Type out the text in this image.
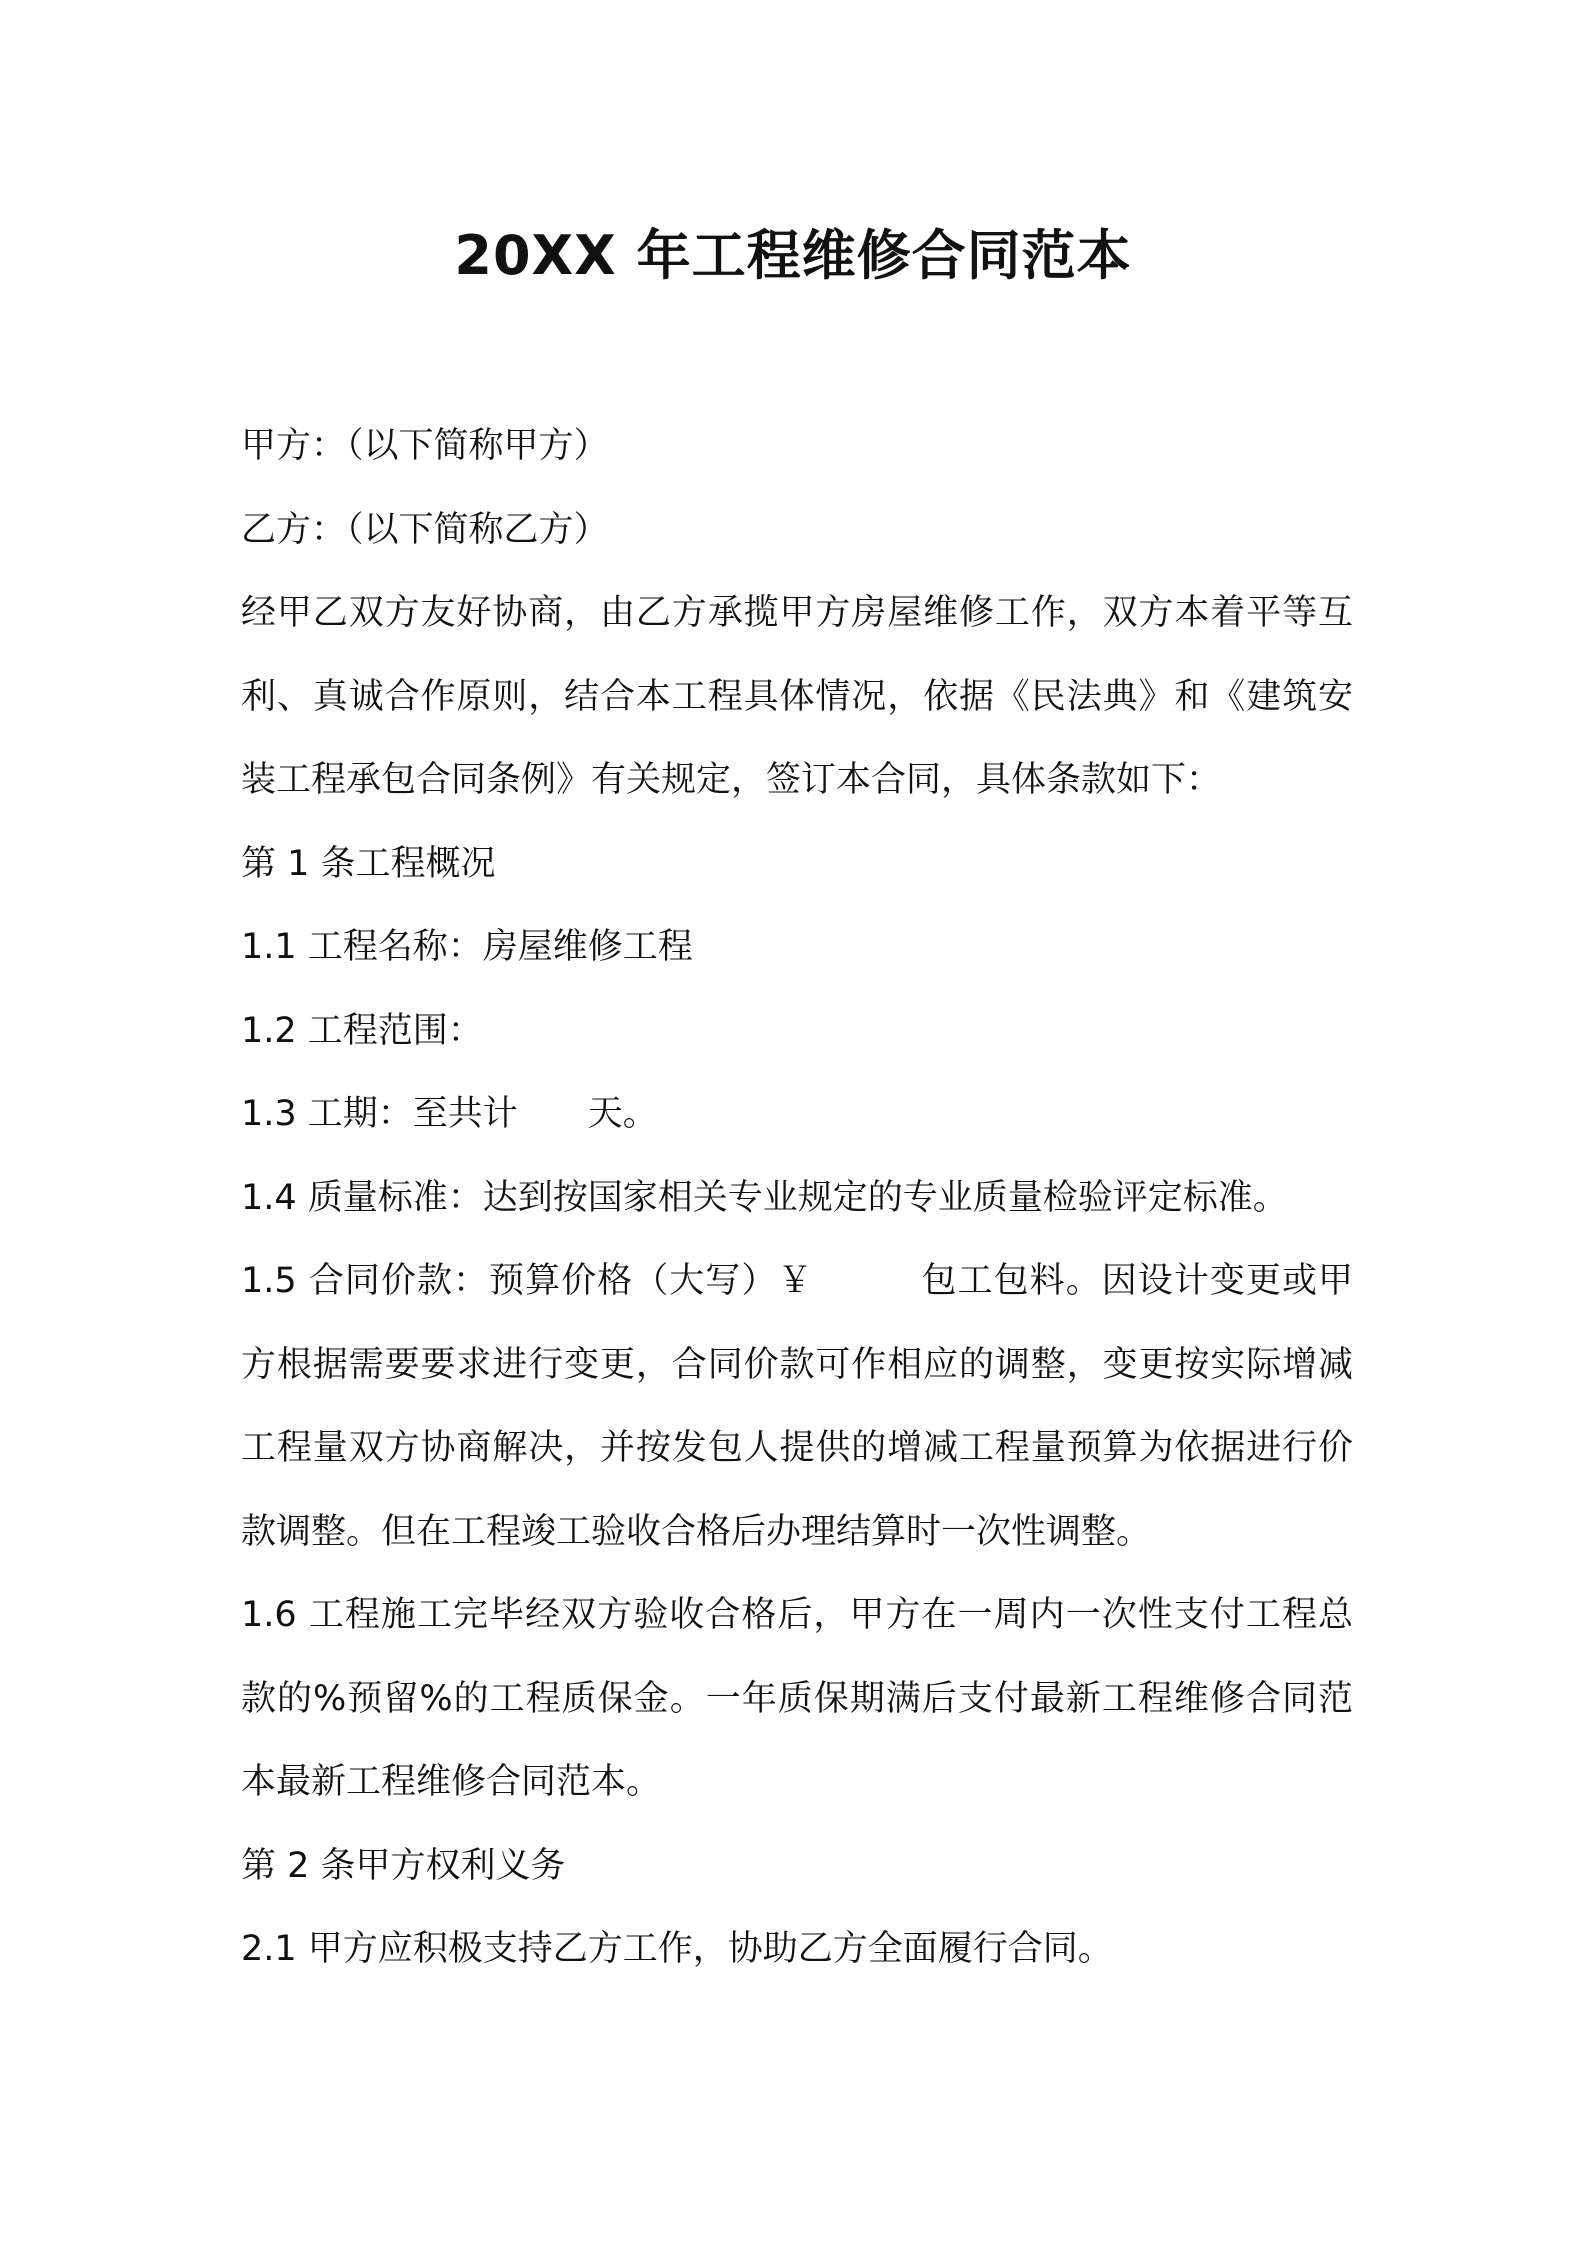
20XX 年工程维修合同范本

甲方：（以下简称甲方）

乙方：（以下简称乙方）

经甲乙双方友好协商，由乙方承揽甲方房屋维修工作，双方本着平等互利、真诚合作原则，结合本工程具体情况，依据《民法典》和《建筑安装工程承包合同条例》有关规定，签订本合同，具体条款如下：

第 1 条工程概况

1.1 工程名称：房屋维修工程

1.2 工程范围：

1.3 工期：至共计　　天。

1.4 质量标准：达到按国家相关专业规定的专业质量检验评定标准。

1.5 合同价款：预算价格（大写）￥　　　包工包料。因设计变更或甲方根据需要要求进行变更，合同价款可作相应的调整，变更按实际增减工程量双方协商解决，并按发包人提供的增减工程量预算为依据进行价款调整。但在工程竣工验收合格后办理结算时一次性调整。

1.6 工程施工完毕经双方验收合格后，甲方在一周内一次性支付工程总款的%预留%的工程质保金。一年质保期满后支付最新工程维修合同范本最新工程维修合同范本。

第 2 条甲方权利义务

2.1 甲方应积极支持乙方工作，协助乙方全面履行合同。
